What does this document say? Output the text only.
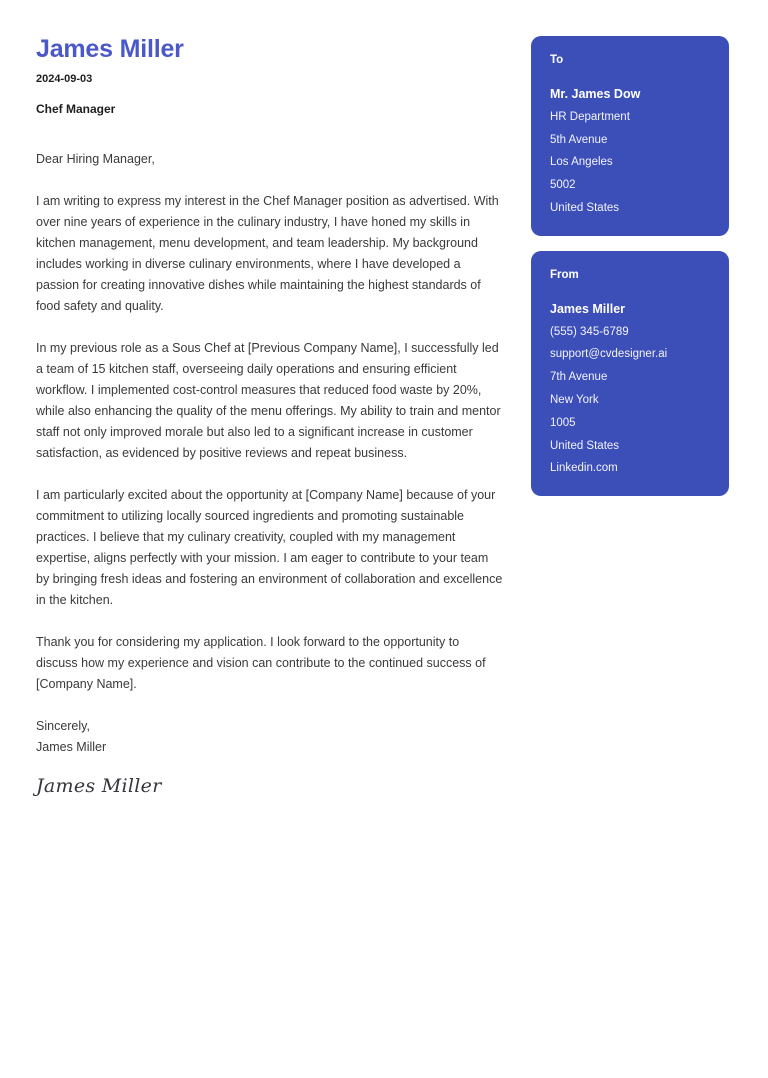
James Miller
2024-09-03
Chef Manager

Dear Hiring Manager,

I am writing to express my interest in the Chef Manager position as advertised. With over nine years of experience in the culinary industry, I have honed my skills in kitchen management, menu development, and team leadership. My background includes working in diverse culinary environments, where I have developed a passion for creating innovative dishes while maintaining the highest standards of food safety and quality.

In my previous role as a Sous Chef at [Previous Company Name], I successfully led a team of 15 kitchen staff, overseeing daily operations and ensuring efficient workflow. I implemented cost-control measures that reduced food waste by 20%, while also enhancing the quality of the menu offerings. My ability to train and mentor staff not only improved morale but also led to a significant increase in customer satisfaction, as evidenced by positive reviews and repeat business.

I am particularly excited about the opportunity at [Company Name] because of your commitment to utilizing locally sourced ingredients and promoting sustainable practices. I believe that my culinary creativity, coupled with my management expertise, aligns perfectly with your mission. I am eager to contribute to your team by bringing fresh ideas and fostering an environment of collaboration and excellence in the kitchen.

Thank you for considering my application. I look forward to the opportunity to discuss how my experience and vision can contribute to the continued success of [Company Name].

Sincerely,
James Miller
James Miller
To
Mr. James Dow
HR Department
5th Avenue
Los Angeles
5002
United States
From
James Miller
(555) 345-6789
support@cvdesigner.ai
7th Avenue
New York
1005
United States
Linkedin.com
